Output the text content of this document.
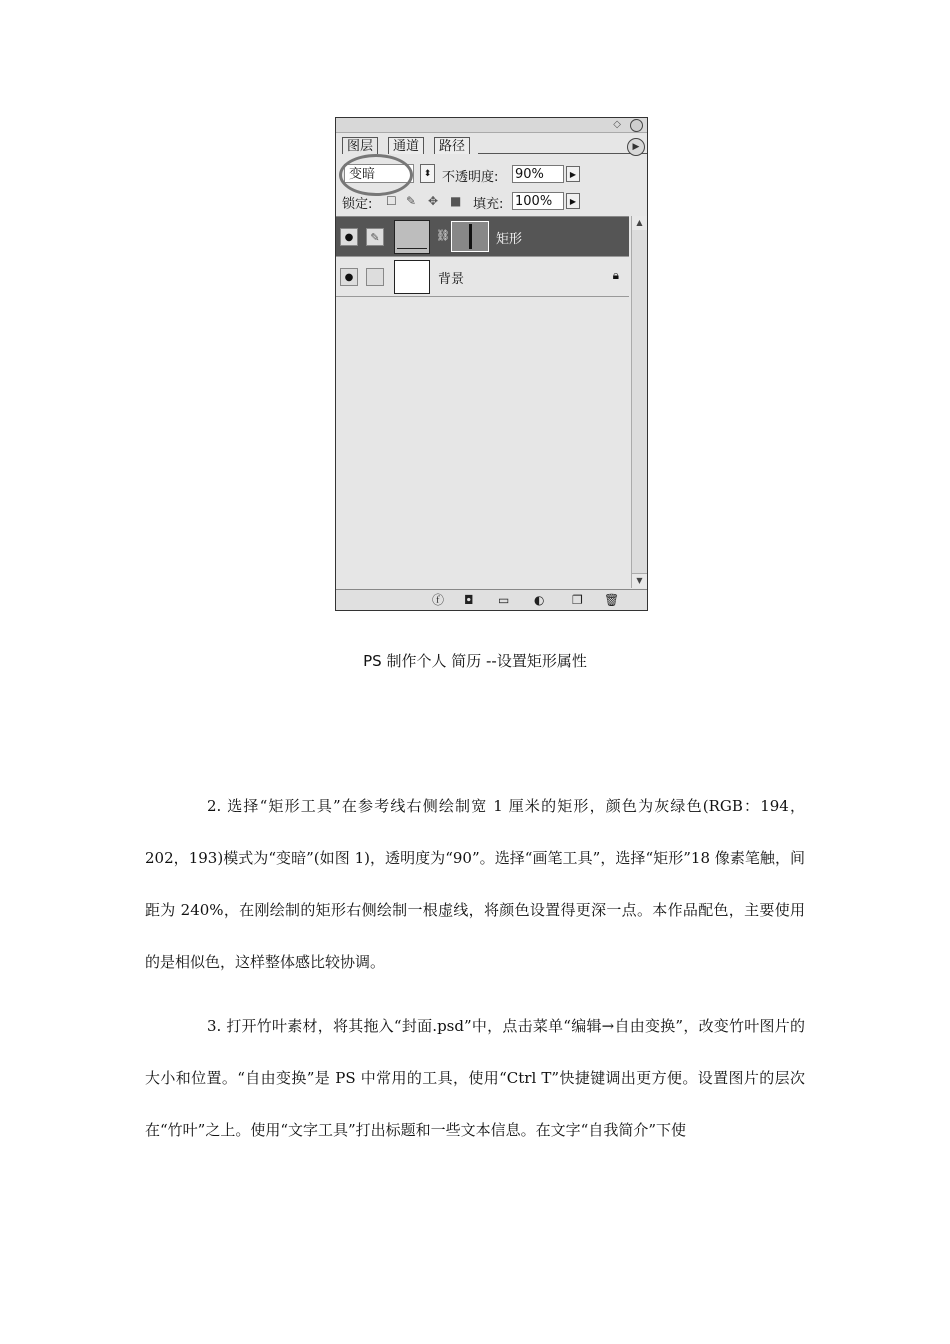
◇
图层	通道	路径	▶
变暗	⬍ 不透明度: 90%	▶
锁定: ☐ ✎ ✥ ■ 填充: 100%	▶
●	✎	⛓	矩形
●	背景	🔒︎
▲
▼
ⓕ ◘ ▭ ◐ ❐ 🗑︎
PS 制作个人 简历 --设置矩形属性

2. 选择“矩形工具”在参考线右侧绘制宽 1 厘米的矩形，颜色为灰绿色(RGB：194，202，193)模式为“变暗”(如图 1)，透明度为“90”。选择“画笔工具”，选择“矩形”18 像素笔触，间距为 240%，在刚绘制的矩形右侧绘制一根虚线，将颜色设置得更深一点。本作品配色，主要使用的是相似色，这样整体感比较协调。

3. 打开竹叶素材，将其拖入“封面.psd”中，点击菜单“编辑→自由变换”，改变竹叶图片的大小和位置。“自由变换”是 PS 中常用的工具，使用“Ctrl T”快捷键调出更方便。设置图片的层次在“竹叶”之上。使用“文字工具”打出标题和一些文本信息。在文字“自我简介”下使
